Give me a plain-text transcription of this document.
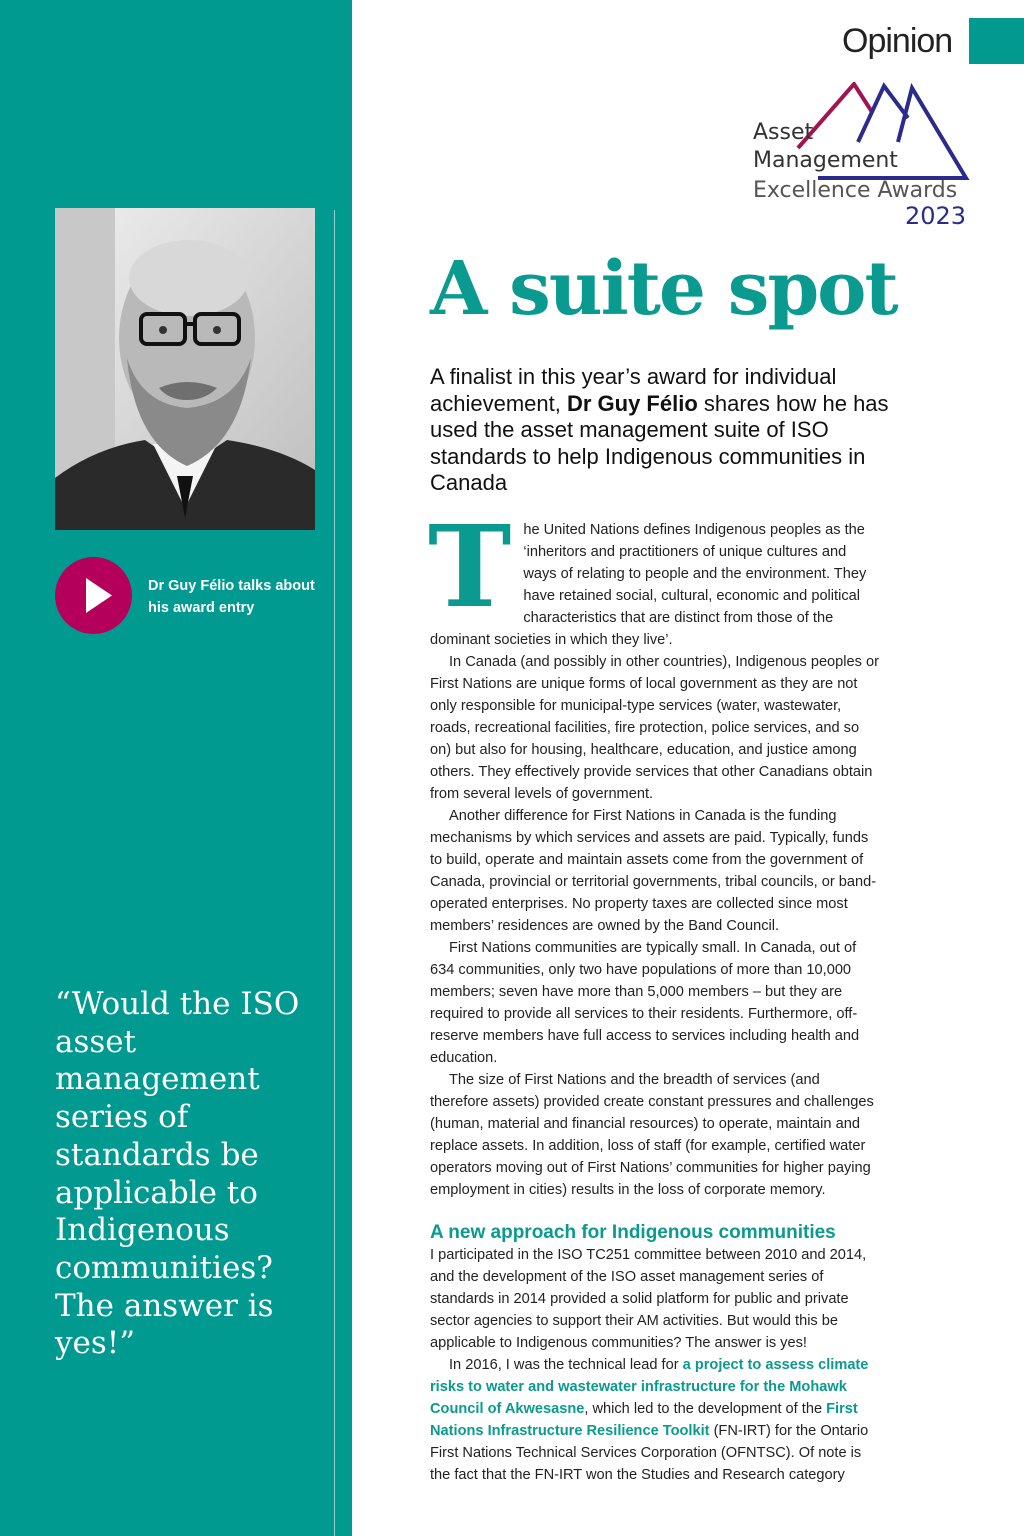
Dr Guy Félio talks about his award entry
“Would the ISO asset management series of standards be applicable to Indigenous communities? The answer is yes!”
Opinion
Asset
Management
Excellence Awards
2023
A suite spot
A finalist in this year’s award for individual achievement, Dr Guy Félio shares how he has used the asset management suite of ISO standards to help Indigenous communities in Canada

The United Nations defines Indigenous peoples as the ‘inheritors and practitioners of unique cultures and ways of relating to people and the environment. They have retained social, cultural, economic and political characteristics that are distinct from those of the dominant societies in which they live’.

In Canada (and possibly in other countries), Indigenous peoples or First Nations are unique forms of local government as they are not only responsible for municipal-type services (water, wastewater, roads, recreational facilities, fire protection, police services, and so on) but also for housing, healthcare, education, and justice among others. They effectively provide services that other Canadians obtain from several levels of government.

Another difference for First Nations in Canada is the funding mechanisms by which services and assets are paid. Typically, funds to build, operate and maintain assets come from the government of Canada, provincial or territorial governments, tribal councils, or band-operated enterprises. No property taxes are collected since most members’ residences are owned by the Band Council.

First Nations communities are typically small. In Canada, out of 634 communities, only two have populations of more than 10,000 members; seven have more than 5,000 members – but they are required to provide all services to their residents. Furthermore, off-reserve members have full access to services including health and education.

The size of First Nations and the breadth of services (and therefore assets) provided create constant pressures and challenges (human, material and financial resources) to operate, maintain and replace assets. In addition, loss of staff (for example, certified water operators moving out of First Nations’ communities for higher paying employment in cities) results in the loss of corporate memory.

A new approach for Indigenous communities

I participated in the ISO TC251 committee between 2010 and 2014, and the development of the ISO asset management series of standards in 2014 provided a solid platform for public and private sector agencies to support their AM activities. But would this be applicable to Indigenous communities? The answer is yes!

In 2016, I was the technical lead for a project to assess climate risks to water and wastewater infrastructure for the Mohawk Council of Akwesasne, which led to the development of the First Nations Infrastructure Resilience Toolkit (FN-IRT) for the Ontario First Nations Technical Services Corporation (OFNTSC). Of note is the fact that the FN-IRT won the Studies and Research category
